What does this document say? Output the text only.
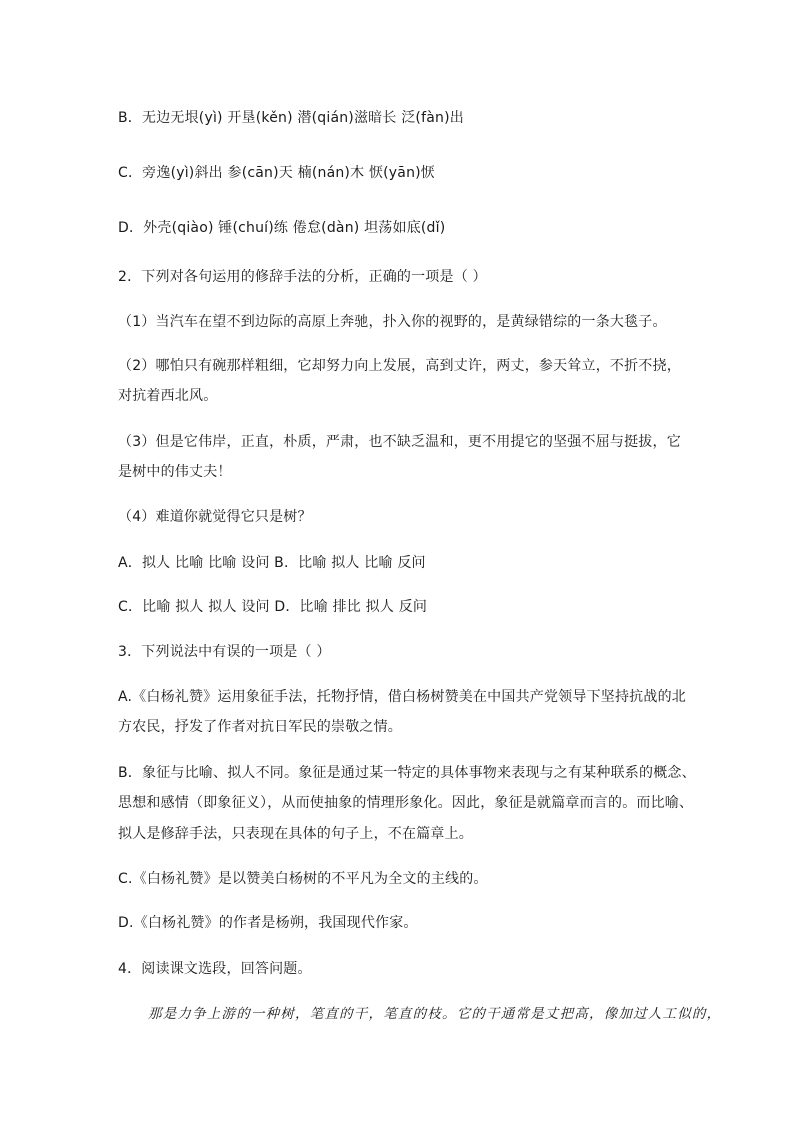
B．无边无垠(yì) 开垦(kěn) 潜(qián)滋暗长 泛(fàn)出
C．旁逸(yì)斜出 参(cān)天 楠(nán)木 恹(yān)恹
D．外壳(qiào) 锤(chuí)练 倦怠(dàn) 坦荡如底(dǐ)
2．下列对各句运用的修辞手法的分析，正确的一项是（ ）
（1）当汽车在望不到边际的高原上奔驰，扑入你的视野的，是黄绿错综的一条大毯子。
（2）哪怕只有碗那样粗细，它却努力向上发展，高到丈许，两丈，参天耸立，不折不挠，
对抗着西北风。
（3）但是它伟岸，正直，朴质，严肃，也不缺乏温和，更不用提它的坚强不屈与挺拔，它
是树中的伟丈夫！
（4）难道你就觉得它只是树？
A．拟人 比喻 比喻 设问 B．比喻 拟人 比喻 反问
C．比喻 拟人 拟人 设问 D．比喻 排比 拟人 反问
3．下列说法中有误的一项是（ ）
A.《白杨礼赞》运用象征手法，托物抒情，借白杨树赞美在中国共产党领导下坚持抗战的北
方农民，抒发了作者对抗日军民的崇敬之情。
B．象征与比喻、拟人不同。象征是通过某一特定的具体事物来表现与之有某种联系的概念、
思想和感情（即象征义），从而使抽象的情理形象化。因此，象征是就篇章而言的。而比喻、
拟人是修辞手法，只表现在具体的句子上，不在篇章上。
C.《白杨礼赞》是以赞美白杨树的不平凡为全文的主线的。
D.《白杨礼赞》的作者是杨朔，我国现代作家。
4．阅读课文选段，回答问题。
那是力争上游的一种树，笔直的干，笔直的枝。它的干通常是丈把高，像加过人工似的，
